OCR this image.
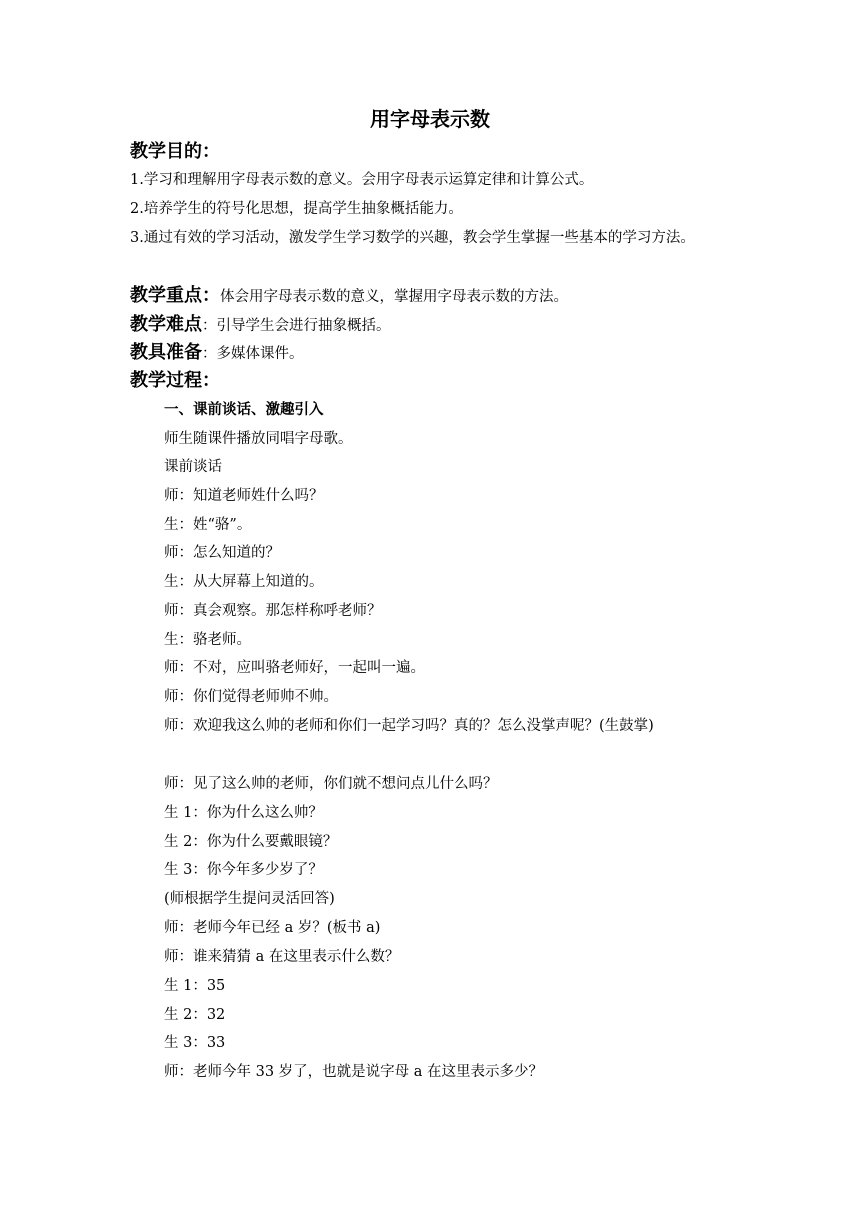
用字母表示数
教学目的：
1.学习和理解用字母表示数的意义。会用字母表示运算定律和计算公式。
2.培养学生的符号化思想，提高学生抽象概括能力。
3.通过有效的学习活动，激发学生学习数学的兴趣，教会学生掌握一些基本的学习方法。
教学重点：体会用字母表示数的意义，掌握用字母表示数的方法。
教学难点：引导学生会进行抽象概括。
教具准备：多媒体课件。
教学过程：
一、课前谈话、激趣引入
师生随课件播放同唱字母歌。
课前谈话
师：知道老师姓什么吗？
生：姓“骆”。
师：怎么知道的？
生：从大屏幕上知道的。
师：真会观察。那怎样称呼老师？
生：骆老师。
师：不对，应叫骆老师好，一起叫一遍。
师：你们觉得老师帅不帅。
师：欢迎我这么帅的老师和你们一起学习吗？真的？怎么没掌声呢？(生鼓掌)
师：见了这么帅的老师，你们就不想问点儿什么吗？
生 1：你为什么这么帅？
生 2：你为什么要戴眼镜？
生 3：你今年多少岁了？
(师根据学生提问灵活回答)
师：老师今年已经 a 岁？(板书 a)
师：谁来猜猜 a 在这里表示什么数？
生 1：35
生 2：32
生 3：33
师：老师今年 33 岁了，也就是说字母 a 在这里表示多少？
